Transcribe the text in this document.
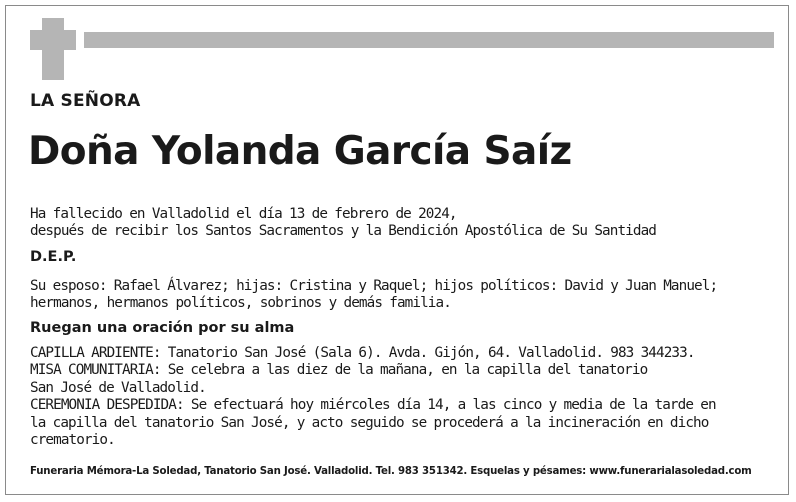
LA SEÑORA
Doña Yolanda García Saíz

Ha fallecido en Valladolid el día 13 de febrero de 2024,
después de recibir los Santos Sacramentos y la Bendición Apostólica de Su Santidad

D.E.P.

Su esposo: Rafael Álvarez; hijas: Cristina y Raquel; hijos políticos: David y Juan Manuel;
hermanos, hermanos políticos, sobrinos y demás familia.

Ruegan una oración por su alma

CAPILLA ARDIENTE: Tanatorio San José (Sala 6). Avda. Gijón, 64. Valladolid. 983 344233.
MISA COMUNITARIA: Se celebra a las diez de la mañana, en la capilla del tanatorio
San José de Valladolid.
CEREMONIA DESPEDIDA: Se efectuará hoy miércoles día 14, a las cinco y media de la tarde en
la capilla del tanatorio San José, y acto seguido se procederá a la incineración en dicho
crematorio.

Funeraria Mémora-La Soledad, Tanatorio San José. Valladolid. Tel. 983 351342. Esquelas y pésames: www.funerarialasoledad.com
